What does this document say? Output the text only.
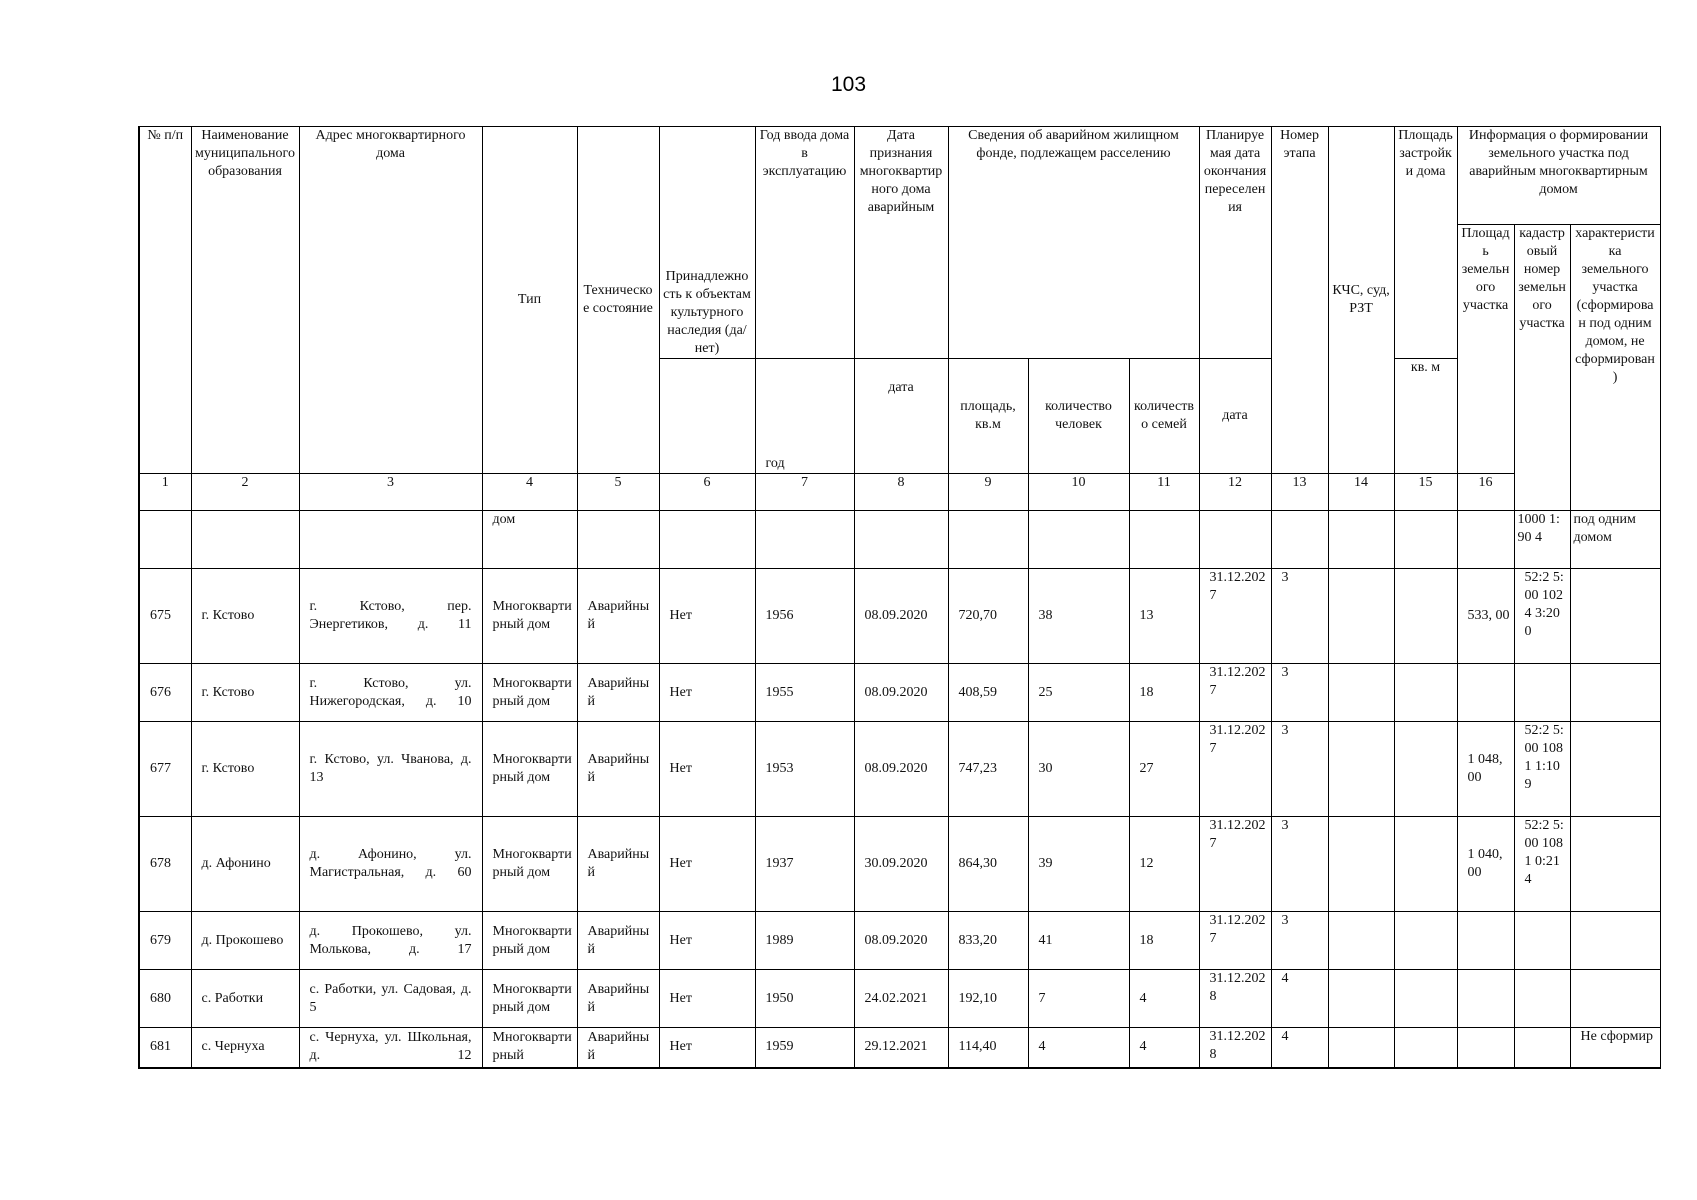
103
№ п/п	Наименование муниципального образования	Адрес многоквартирного дома	Тип	Техническое состояние	Принадлежность к объектам культурного наследия (да/нет)	Год ввода дома в эксплуатацию	Дата признания многоквартирного дома аварийным	Сведения об аварийном жилищном фонде, подлежащем расселению			Планируемая дата окончания переселения	Номер этапа	КЧС, суд, РЗТ	Площадь застройки дома	Информация о формировании земельного участка под аварийным многоквартирным домом			
															Площадь земельного участка	кадастровый номер земельного участка	характеристика земельного участка (сформирован под одним домом, не сформирован)	
						год	дата	площадь, кв.м	количество человек	количество семей	дата			кв. м				
1	2	3	4	5	6	7	8	9	10	11	12	13	14	15	16		
			дом													1000 1:90 4	под одним домом	
675	г. Кстово	г. Кстово, пер. Энергетиков, д. 11	Многоквартирный дом	Аварийный	Нет	1956	08.09.2020	720,70	38	13	31.12.2027	3			533, 00	52:2 5:00 1024 3:20 0		
676	г. Кстово	г. Кстово, ул. Нижегородская, д. 10	Многоквартирный дом	Аварийный	Нет	1955	08.09.2020	408,59	25	18	31.12.2027	3						
677	г. Кстово	г. Кстово, ул. Чванова, д. 13	Многоквартирный дом	Аварийный	Нет	1953	08.09.2020	747,23	30	27	31.12.2027	3			1 048, 00	52:2 5:00 1081 1:10 9		
678	д. Афонино	д. Афонино, ул. Магистральная, д. 60	Многоквартирный дом	Аварийный	Нет	1937	30.09.2020	864,30	39	12	31.12.2027	3			1 040, 00	52:2 5:00 1081 0:21 4		
679	д. Прокошево	д. Прокошево, ул. Молькова, д. 17	Многоквартирный дом	Аварийный	Нет	1989	08.09.2020	833,20	41	18	31.12.2027	3						
680	с. Работки	с. Работки, ул. Садовая, д. 5	Многоквартирный дом	Аварийный	Нет	1950	24.02.2021	192,10	7	4	31.12.2028	4						
681	с. Чернуха	с. Чернуха, ул. Школьная, д. 12	Многоквартирный	Аварийный	Нет	1959	29.12.2021	114,40	4	4	31.12.2028	4					Не сформир	
